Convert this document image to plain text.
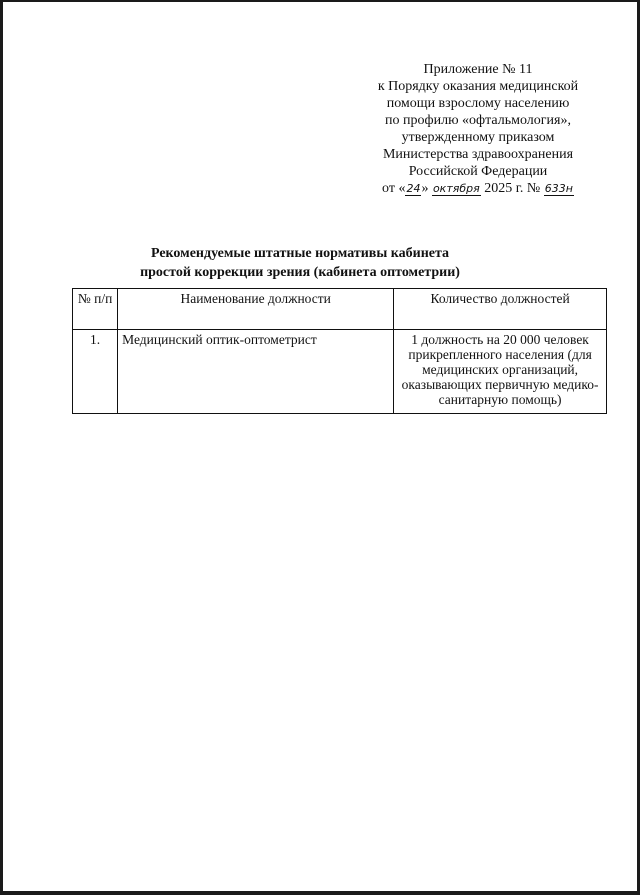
Приложение № 11
к Порядку оказания медицинской
помощи взрослому населению
по профилю «офтальмология»,
утвержденному приказом
Министерства здравоохранения
Российской Федерации
от «24» октября 2025 г. № 633н
Рекомендуемые штатные нормативы кабинета
простой коррекции зрения (кабинета оптометрии)
№ п/п	Наименование должности	Количество должностей
1.	Медицинский оптик-оптометрист	1 должность на 20 000 человек прикрепленного населения (для медицинских организаций, оказывающих первичную медико-санитарную помощь)
